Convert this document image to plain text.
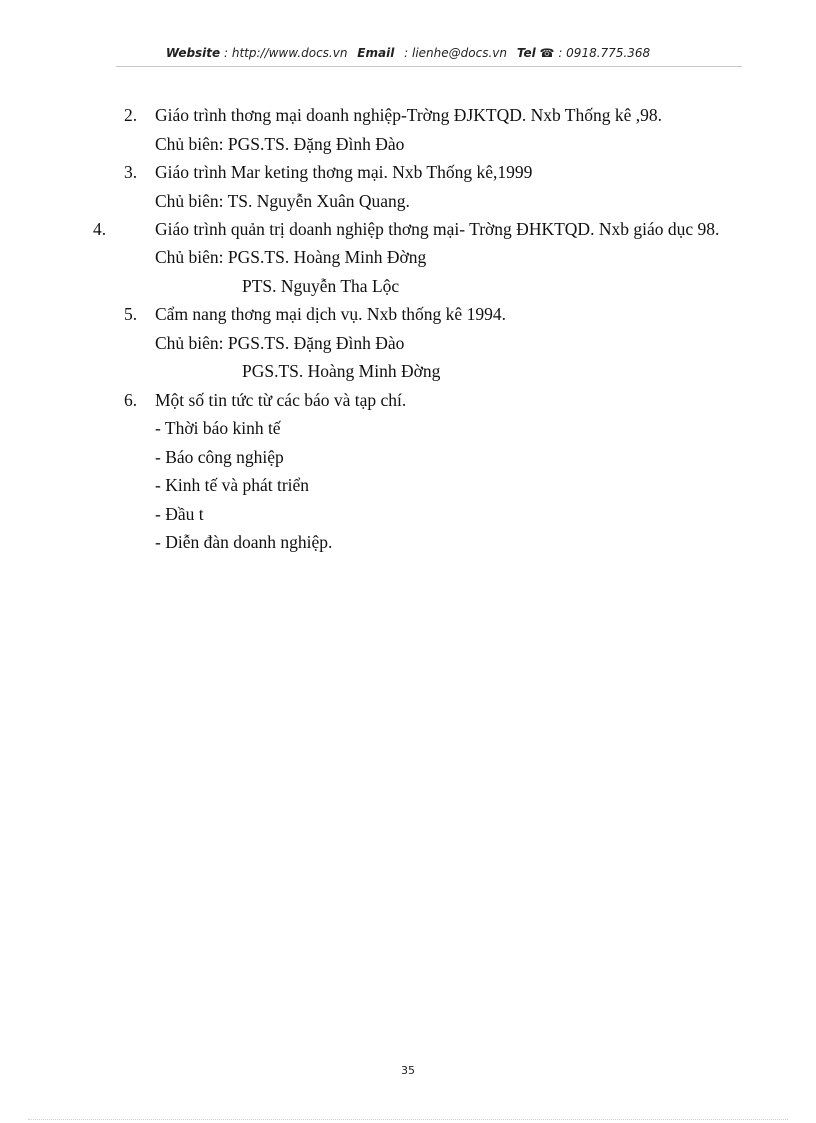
Website : http://www.docs.vn Email : lienhe@docs.vn Tel ☎ : 0918.775.368
2. Giáo trình thơng mại doanh nghiệp-Trờng ĐJKTQD. Nxb Thống kê ,98.
Chủ biên: PGS.TS. Đặng Đình Đào
3. Giáo trình Mar keting thơng mại. Nxb Thống kê,1999
Chủ biên: TS. Nguyễn Xuân Quang.
4.	Giáo trình quản trị doanh nghiệp thơng mại- Trờng ĐHKTQD. Nxb giáo dục 98.
Chủ biên: PGS.TS. Hoàng Minh Đờng
PTS. Nguyễn Tha Lộc
5. Cẩm nang thơng mại dịch vụ. Nxb thống kê 1994.
Chủ biên: PGS.TS. Đặng Đình Đào
PGS.TS. Hoàng Minh Đờng
6. Một số tin tức từ các báo và tạp chí.
- Thời báo kinh tế
- Báo công nghiệp
- Kinh tế và phát triển
- Đầu t
- Diễn đàn doanh nghiệp.
35
